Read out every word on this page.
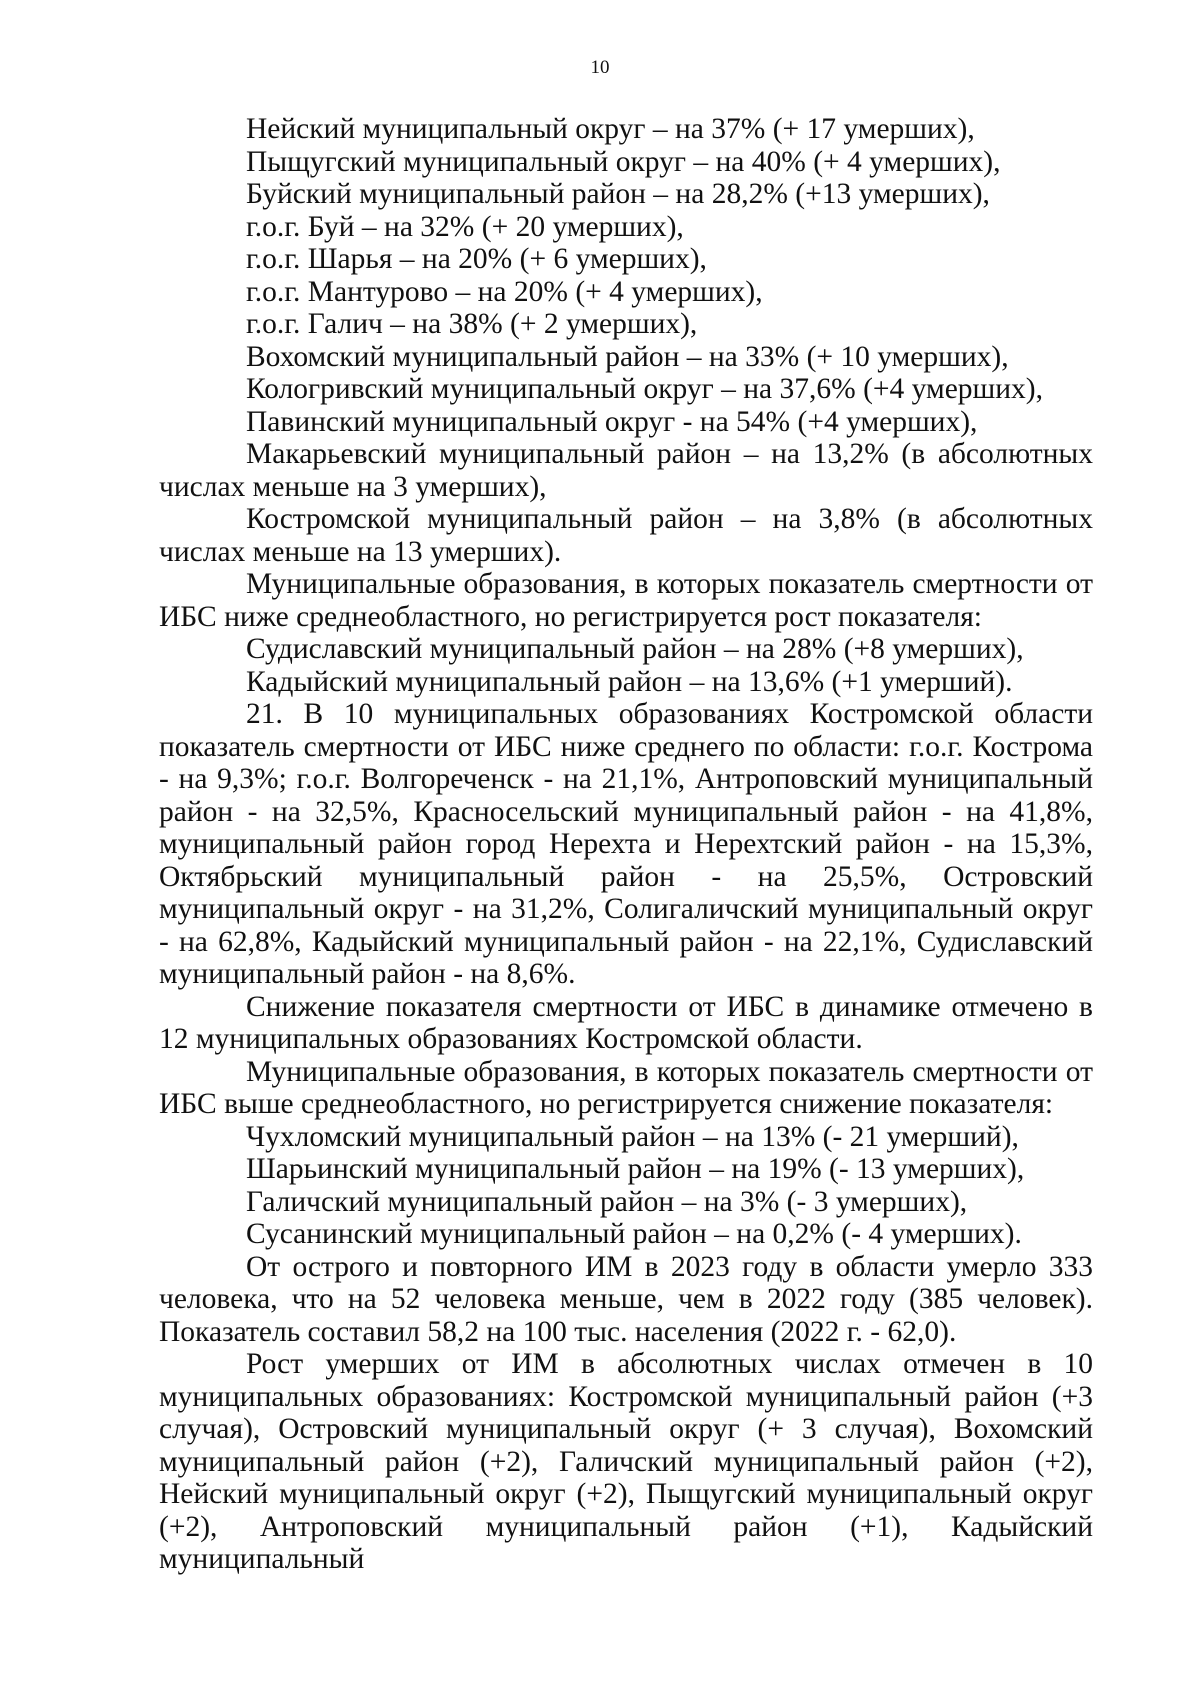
10

Нейский муниципальный округ – на 37% (+ 17 умерших),

Пыщугский муниципальный округ – на 40% (+ 4 умерших),

Буйский муниципальный район – на 28,2% (+13 умерших),

г.о.г. Буй – на 32% (+ 20 умерших),

г.о.г. Шарья – на 20% (+ 6 умерших),

г.о.г. Мантурово – на 20% (+ 4 умерших),

г.о.г. Галич – на 38% (+ 2 умерших),

Вохомский муниципальный район – на 33% (+ 10 умерших),

Кологривский муниципальный округ – на 37,6% (+4 умерших),

Павинский муниципальный округ - на 54% (+4 умерших),

Макарьевский муниципальный район – на 13,2% (в абсолютных числах меньше на 3 умерших),

Костромской муниципальный район – на 3,8% (в абсолютных числах меньше на 13 умерших).

Муниципальные образования, в которых показатель смертности от ИБС ниже среднеобластного, но регистрируется рост показателя:

Судиславский муниципальный район – на 28% (+8 умерших),

Кадыйский муниципальный район – на 13,6% (+1 умерший).

21. В 10 муниципальных образованиях Костромской области показатель смертности от ИБС ниже среднего по области: г.о.г. Кострома - на 9,3%; г.о.г. Волгореченск - на 21,1%, Антроповский муниципальный район - на 32,5%, Красносельский муниципальный район - на 41,8%, муниципальный район город Нерехта и Нерехтский район - на 15,3%, Октябрьский муниципальный район - на 25,5%, Островский муниципальный округ - на 31,2%, Солигаличский муниципальный округ - на 62,8%, Кадыйский муниципальный район - на 22,1%, Судиславский муниципальный район - на 8,6%.

Снижение показателя смертности от ИБС в динамике отмечено в 12 муниципальных образованиях Костромской области.

Муниципальные образования, в которых показатель смертности от ИБС выше среднеобластного, но регистрируется снижение показателя:

Чухломский муниципальный район – на 13% (- 21 умерший),

Шарьинский муниципальный район – на 19% (- 13 умерших),

Галичский муниципальный район – на 3% (- 3 умерших),

Сусанинский муниципальный район – на 0,2% (- 4 умерших).

От острого и повторного ИМ в 2023 году в области умерло 333 человека, что на 52 человека меньше, чем в 2022 году (385 человек). Показатель составил 58,2 на 100 тыс. населения (2022 г. - 62,0).

Рост умерших от ИМ в абсолютных числах отмечен в 10 муниципальных образованиях: Костромской муниципальный район (+3 случая), Островский муниципальный округ (+ 3 случая), Вохомский муниципальный район (+2), Галичский муниципальный район (+2), Нейский муниципальный округ (+2), Пыщугский муниципальный округ (+2), Антроповский муниципальный район (+1), Кадыйский муниципальный
